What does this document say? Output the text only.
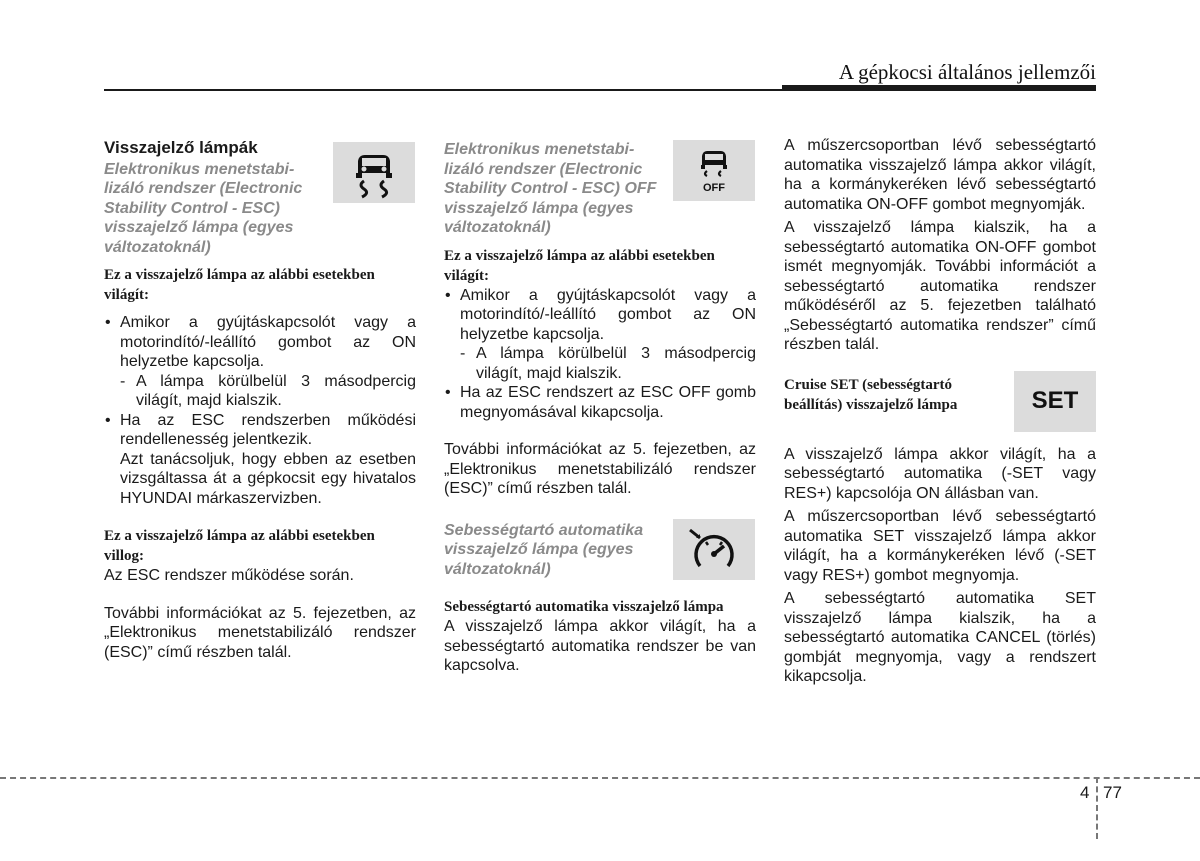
A gépkocsi általános jellemzői
Visszajelző lámpák
Elektronikus menetstabi-lizáló rendszer (Electronic Stability Control - ESC) visszajelző lámpa (egyes változatoknál)
Ez a visszajelző lámpa az alábbi esetekben világít:
• Amikor a gyújtáskapcsolót vagy a motorindító/-leállító gombot az ON helyzetbe kapcsolja.
- A lámpa körülbelül 3 másodpercig világít, majd kialszik.
• Ha az ESC rendszerben működési rendellenesség jelentkezik.
Azt tanácsoljuk, hogy ebben az esetben vizsgáltassa át a gépkocsit egy hivatalos HYUNDAI márkaszervizben.
Ez a visszajelző lámpa az alábbi esetekben villog:

Az ESC rendszer működése során.

További információkat az 5. fejezetben, az „Elektronikus menetstabilizáló rendszer (ESC)” című részben talál.

Elektronikus menetstabi-lizáló rendszer (Electronic Stability Control - ESC) OFF visszajelző lámpa (egyes változatoknál)
OFF
Ez a visszajelző lámpa az alábbi esetekben világít:
• Amikor a gyújtáskapcsolót vagy a motorindító/-leállító gombot az ON helyzetbe kapcsolja.
- A lámpa körülbelül 3 másodpercig világít, majd kialszik.
• Ha az ESC rendszert az ESC OFF gomb megnyomásával kikapcsolja.

További információkat az 5. fejezetben, az „Elektronikus menetstabilizáló rendszer (ESC)” című részben talál.

Sebességtartó automatika visszajelző lámpa (egyes változatoknál)
Sebességtartó automatika visszajelző lámpa

A visszajelző lámpa akkor világít, ha a sebességtartó automatika rendszer be van kapcsolva.

A műszercsoportban lévő sebességtartó automatika visszajelző lámpa akkor világít, ha a kormánykeréken lévő sebességtartó automatika ON-OFF gombot megnyomják.

A visszajelző lámpa kialszik, ha a sebességtartó automatika ON-OFF gombot ismét megnyomják. További információt a sebességtartó automatika rendszer működéséről az 5. fejezetben található „Sebességtartó automatika rendszer” című részben talál.

Cruise SET (sebességtartó beállítás) visszajelző lámpa	SET

A visszajelző lámpa akkor világít, ha a sebességtartó automatika (-SET vagy RES+) kapcsolója ON állásban van.

A műszercsoportban lévő sebességtartó automatika SET visszajelző lámpa akkor világít, ha a kormánykeréken lévő (-SET vagy RES+) gombot megnyomja.

A sebességtartó automatika SET visszajelző lámpa kialszik, ha a sebességtartó automatika CANCEL (törlés) gombját megnyomja, vagy a rendszert kikapcsolja.

4 77
